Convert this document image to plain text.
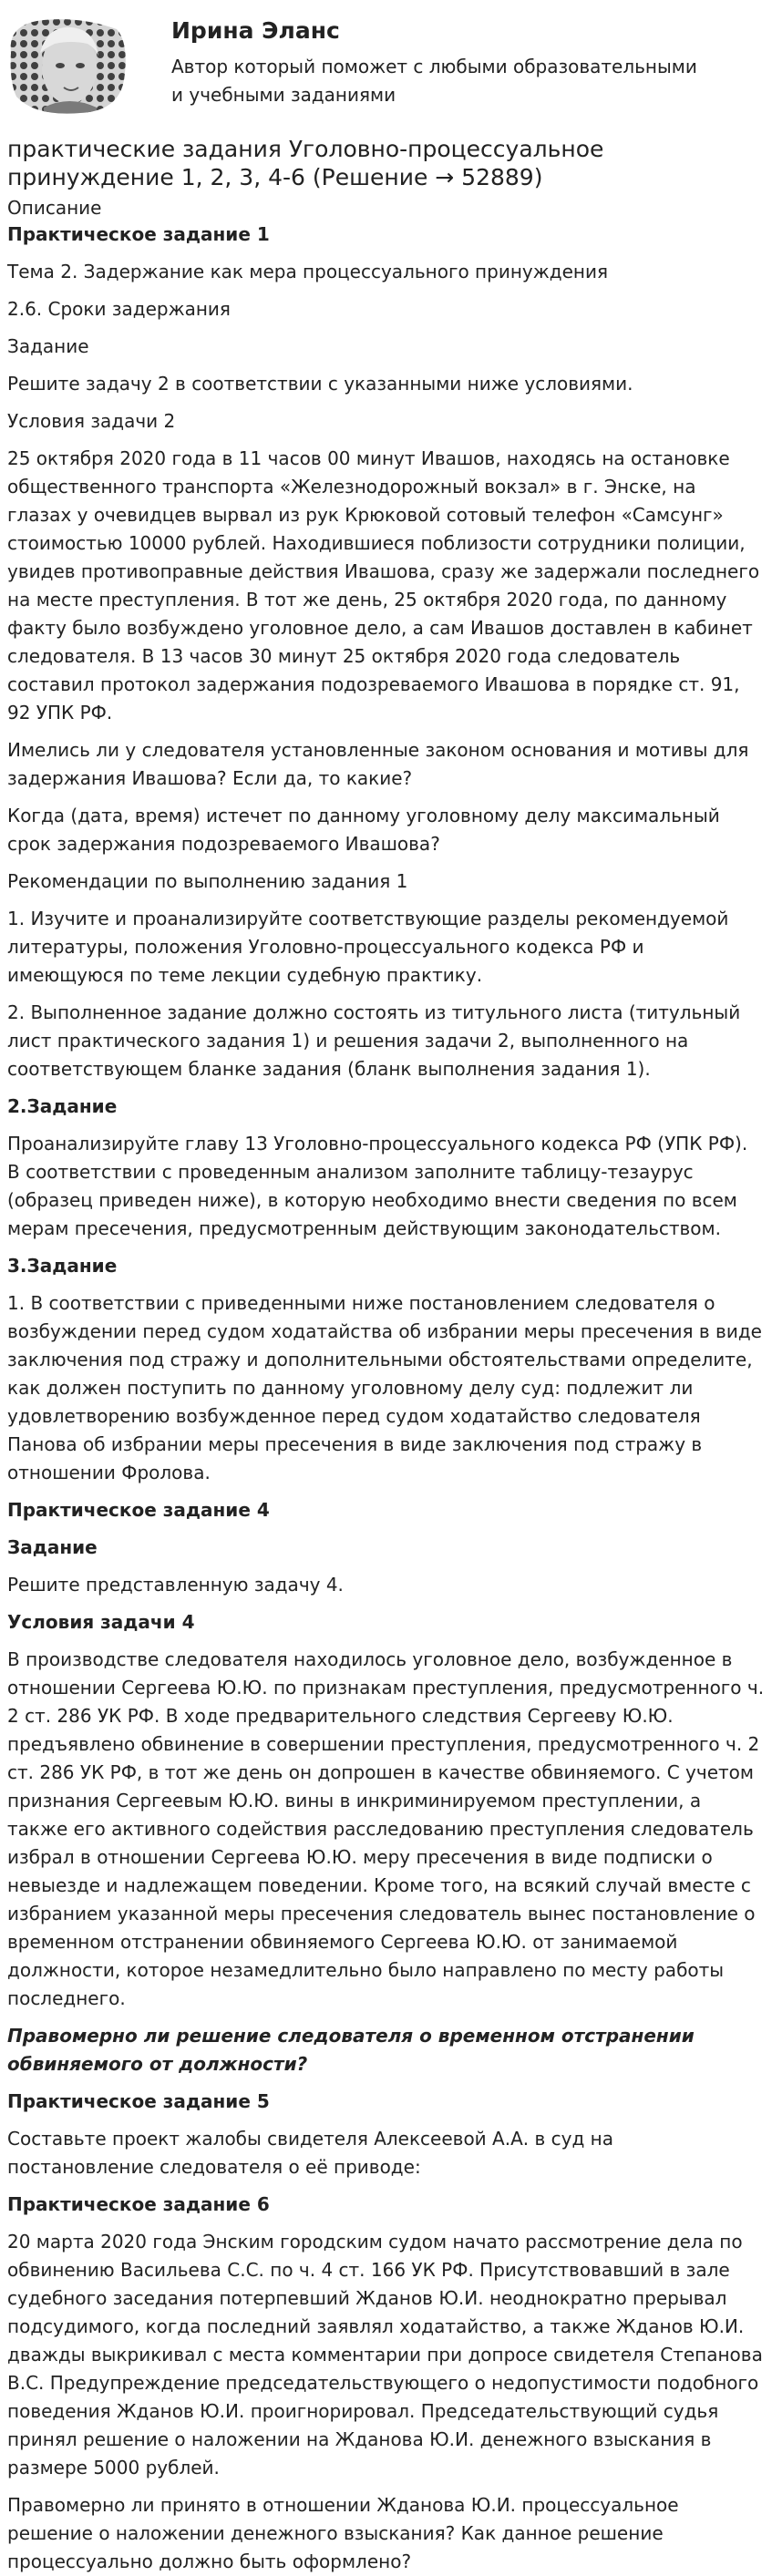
Ирина Эланс
Автор который поможет с любыми образовательными и учебными заданиями
практические задания Уголовно-процессуальное принуждение 1, 2, 3, 4-6 (Решение → 52889)
Описание
Практическое задание 1
Тема 2. Задержание как мера процессуального принуждения
2.6. Сроки задержания
Задание
Решите задачу 2 в соответствии с указанными ниже условиями.
Условия задачи 2
25 октября 2020 года в 11 часов 00 минут Ивашов, находясь на остановке общественного транспорта «Железнодорожный вокзал» в г. Энске, на глазах у очевидцев вырвал из рук Крюковой сотовый телефон «Самсунг» стоимостью 10000 рублей. Находившиеся поблизости сотрудники полиции, увидев противоправные действия Ивашова, сразу же задержали последнего на месте преступления. В тот же день, 25 октября 2020 года, по данному факту было возбуждено уголовное дело, а сам Ивашов доставлен в кабинет следователя. В 13 часов 30 минут 25 октября 2020 года следователь составил протокол задержания подозреваемого Ивашова в порядке ст. 91, 92 УПК РФ.
Имелись ли у следователя установленные законом основания и мотивы для задержания Ивашова? Если да, то какие?
Когда (дата, время) истечет по данному уголовному делу максимальный срок задержания подозреваемого Ивашова?
Рекомендации по выполнению задания 1
1. Изучите и проанализируйте соответствующие разделы рекомендуемой литературы, положения Уголовно-процессуального кодекса РФ и имеющуюся по теме лекции судебную практику.
2. Выполненное задание должно состоять из титульного листа (титульный лист практического задания 1) и решения задачи 2, выполненного на соответствующем бланке задания (бланк выполнения задания 1).
2.Задание
Проанализируйте главу 13 Уголовно-процессуального кодекса РФ (УПК РФ). В соответствии с проведенным анализом заполните таблицу-тезаурус (образец приведен ниже), в которую необходимо внести сведения по всем мерам пресечения, предусмотренным действующим законодательством.
3.Задание
1. В соответствии с приведенными ниже постановлением следователя о возбуждении перед судом ходатайства об избрании меры пресечения в виде заключения под стражу и дополнительными обстоятельствами определите, как должен поступить по данному уголовному делу суд: подлежит ли удовлетворению возбужденное перед судом ходатайство следователя Панова об избрании меры пресечения в виде заключения под стражу в отношении Фролова.
Практическое задание 4
Задание
Решите представленную задачу 4.
Условия задачи 4
В производстве следователя находилось уголовное дело, возбужденное в отношении Сергеева Ю.Ю. по признакам преступления, предусмотренного ч. 2 ст. 286 УК РФ. В ходе предварительного следствия Сергееву Ю.Ю. предъявлено обвинение в совершении преступления, предусмотренного ч. 2 ст. 286 УК РФ, в тот же день он допрошен в качестве обвиняемого. С учетом признания Сергеевым Ю.Ю. вины в инкриминируемом преступлении, а также его активного содействия расследованию преступления следователь избрал в отношении Сергеева Ю.Ю. меру пресечения в виде подписки о невыезде и надлежащем поведении. Кроме того, на всякий случай вместе с избранием указанной меры пресечения следователь вынес постановление о временном отстранении обвиняемого Сергеева Ю.Ю. от занимаемой должности, которое незамедлительно было направлено по месту работы последнего.
Правомерно ли решение следователя о временном отстранении обвиняемого от должности?
Практическое задание 5
Составьте проект жалобы свидетеля Алексеевой А.А. в суд на постановление следователя о её приводе:
Практическое задание 6
20 марта 2020 года Энским городским судом начато рассмотрение дела по обвинению Васильева С.С. по ч. 4 ст. 166 УК РФ. Присутствовавший в зале судебного заседания потерпевший Жданов Ю.И. неоднократно прерывал подсудимого, когда последний заявлял ходатайство, а также Жданов Ю.И. дважды выкрикивал с места комментарии при допросе свидетеля Степанова В.С. Предупреждение председательствующего о недопустимости подобного поведения Жданов Ю.И. проигнорировал. Председательствующий судья принял решение о наложении на Жданова Ю.И. денежного взыскания в размере 5000 рублей.
Правомерно ли принято в отношении Жданова Ю.И. процессуальное решение о наложении денежного взыскания? Как данное решение процессуально должно быть оформлено?
